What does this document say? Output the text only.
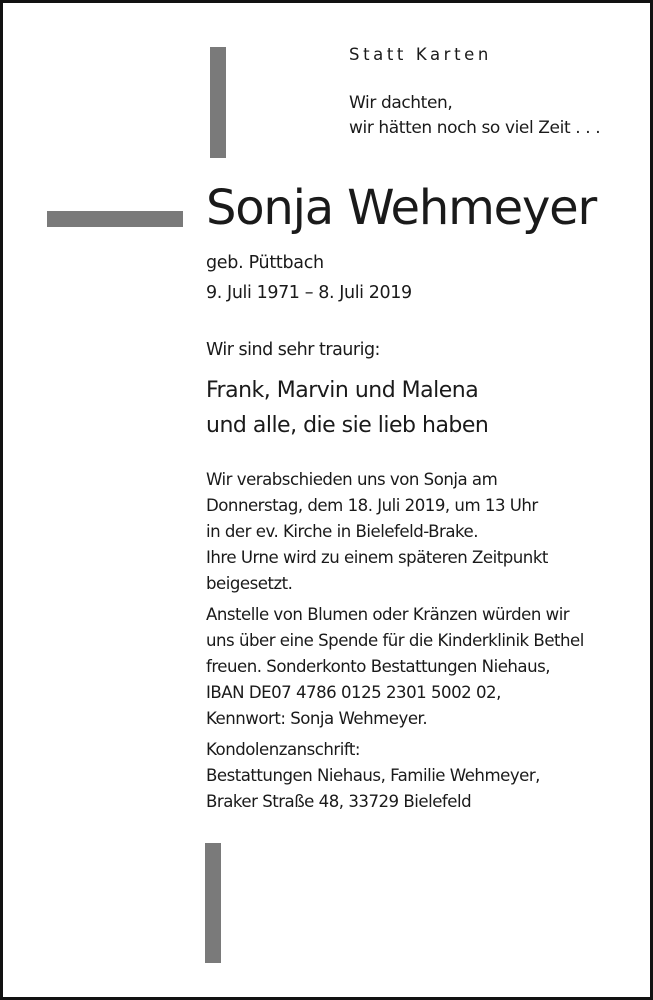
Statt Karten
Wir dachten,
wir hätten noch so viel Zeit . . .
Sonja Wehmeyer
geb. Püttbach
9. Juli 1971 – 8. Juli 2019
Wir sind sehr traurig:
Frank, Marvin und Malena
und alle, die sie lieb haben
Wir verabschieden uns von Sonja am
Donnerstag, dem 18. Juli 2019, um 13 Uhr
in der ev. Kirche in Bielefeld-Brake.
Ihre Urne wird zu einem späteren Zeitpunkt
beigesetzt.
Anstelle von Blumen oder Kränzen würden wir
uns über eine Spende für die Kinderklinik Bethel
freuen. Sonderkonto Bestattungen Niehaus,
IBAN DE07 4786 0125 2301 5002 02,
Kennwort: Sonja Wehmeyer.
Kondolenzanschrift:
Bestattungen Niehaus, Familie Wehmeyer,
Braker Straße 48, 33729 Bielefeld
